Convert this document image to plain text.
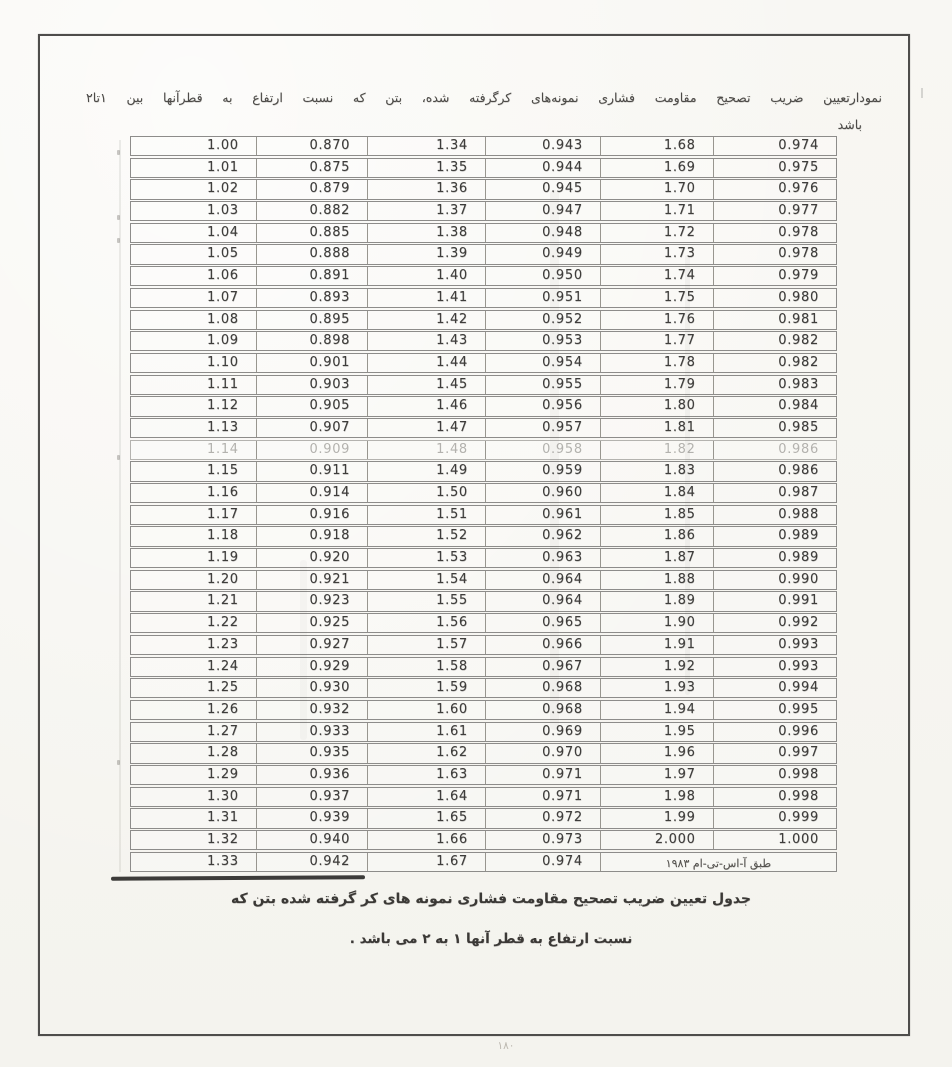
نمودارتعیین ضریب تصحیح مقاومت فشاری نمونه‌های کرگرفته شده، بتن که نسبت ارتفاع به قطرآنها بین ۱تا۲
باشد
1.00	0.870	1.34	0.943	1.68	0.974
1.01	0.875	1.35	0.944	1.69	0.975
1.02	0.879	1.36	0.945	1.70	0.976
1.03	0.882	1.37	0.947	1.71	0.977
1.04	0.885	1.38	0.948	1.72	0.978
1.05	0.888	1.39	0.949	1.73	0.978
1.06	0.891	1.40	0.950	1.74	0.979
1.07	0.893	1.41	0.951	1.75	0.980
1.08	0.895	1.42	0.952	1.76	0.981
1.09	0.898	1.43	0.953	1.77	0.982
1.10	0.901	1.44	0.954	1.78	0.982
1.11	0.903	1.45	0.955	1.79	0.983
1.12	0.905	1.46	0.956	1.80	0.984
1.13	0.907	1.47	0.957	1.81	0.985
1.14	0.909	1.48	0.958	1.82	0.986
1.15	0.911	1.49	0.959	1.83	0.986
1.16	0.914	1.50	0.960	1.84	0.987
1.17	0.916	1.51	0.961	1.85	0.988
1.18	0.918	1.52	0.962	1.86	0.989
1.19	0.920	1.53	0.963	1.87	0.989
1.20	0.921	1.54	0.964	1.88	0.990
1.21	0.923	1.55	0.964	1.89	0.991
1.22	0.925	1.56	0.965	1.90	0.992
1.23	0.927	1.57	0.966	1.91	0.993
1.24	0.929	1.58	0.967	1.92	0.993
1.25	0.930	1.59	0.968	1.93	0.994
1.26	0.932	1.60	0.968	1.94	0.995
1.27	0.933	1.61	0.969	1.95	0.996
1.28	0.935	1.62	0.970	1.96	0.997
1.29	0.936	1.63	0.971	1.97	0.998
1.30	0.937	1.64	0.971	1.98	0.998
1.31	0.939	1.65	0.972	1.99	0.999
1.32	0.940	1.66	0.973	2.000	1.000
1.33	0.942	1.67	0.974	طبق آ-اس-تی-ام ۱۹۸۳
جدول تعیین ضریب تصحیح مقاومت فشاری نمونه های کر گرفته شده بتن که
نسبت ارتفاع به قطر آنها ۱ به ۲ می باشد .
۱۸۰
